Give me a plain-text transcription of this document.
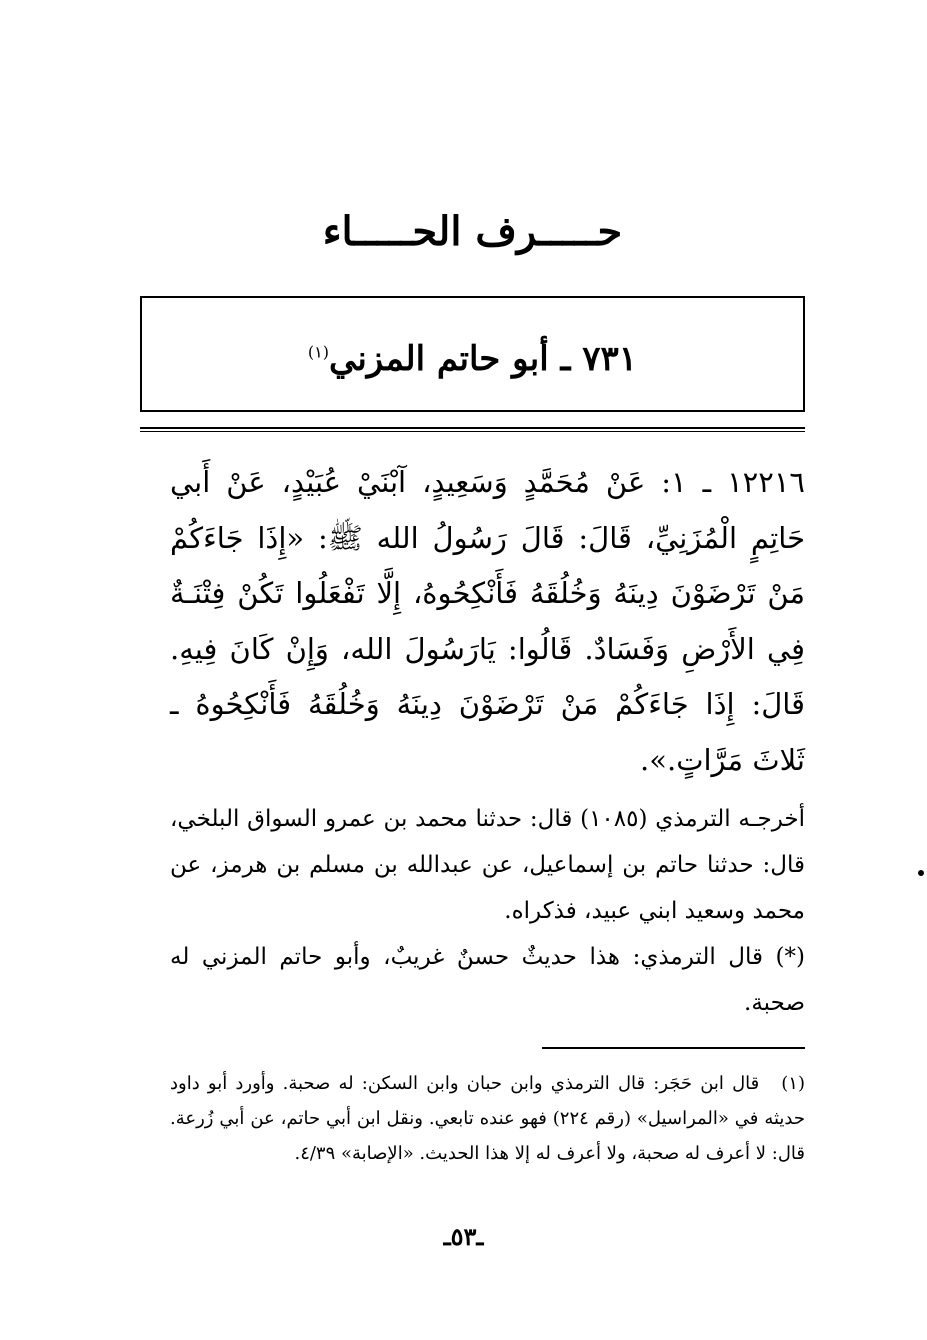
حـــــرف الحـــــاء
٧٣١ ـ أبو حاتم المزني$^{(١)}$
١٢٢١٦ ـ ١: عَنْ مُحَمَّدٍ وَسَعِيدٍ، آبْنَيْ عُبَيْدٍ، عَنْ أَبي حَاتِمٍ الْمُزَنِيِّ، قَالَ: قَالَ رَسُولُ الله ﷺ: «إِذَا جَاءَكُمْ مَنْ تَرْضَوْنَ دِينَهُ وَخُلُقَهُ فَأَنْكِحُوهُ، إِلَّا تَفْعَلُوا تَكُنْ فِتْنَـةٌ فِي الأَرْضِ وَفَسَادٌ. قَالُوا: يَارَسُولَ الله، وَإِنْ كَانَ فِيهِ. قَالَ: إِذَا جَاءَكُمْ مَنْ تَرْضَوْنَ دِينَهُ وَخُلُقَهُ فَأَنْكِحُوهُ ـ ثَلاثَ مَرَّاتٍ.».

أخرجـه الترمذي (١٠٨٥) قال: حدثنا محمد بن عمرو السواق البلخي، قال: حدثنا حاتم بن إسماعيل، عن عبدالله بن مسلم بن هرمز، عن محمد وسعيد ابني عبيد، فذكراه.

(*) قال الترمذي: هذا حديثٌ حسنٌ غريبٌ، وأبو حاتم المزني له صحبة.

(١)قال ابن حَجَر: قال الترمذي وابن حبان وابن السكن: له صحبة. وأورد أبو داود حديثه في «المراسيل» (رقم ٢٢٤) فهو عنده تابعي. ونقل ابن أبي حاتم، عن أبي زُرعة. قال: لا أعرف له صحبة، ولا أعرف له إلا هذا الحديث. «الإصابة» ٤/٣٩.
ـ٥٣ـ
